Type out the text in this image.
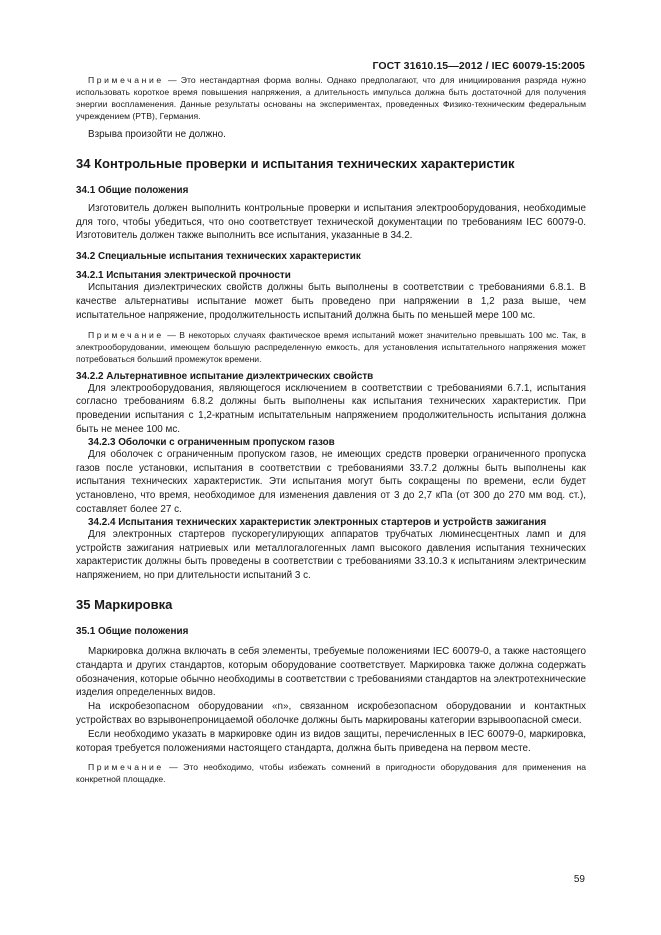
ГОСТ 31610.15—2012 / IEC 60079-15:2005

Примечание — Это нестандартная форма волны. Однако предполагают, что для инициирования разряда нужно использовать короткое время повышения напряжения, а длительность импульса должна быть достаточной для получения энергии воспламенения. Данные результаты основаны на экспериментах, проведенных Физико-техническим федеральным учреждением (PTB), Германия.

Взрыва произойти не должно.

34 Контрольные проверки и испытания технических характеристик
34.1 Общие положения

Изготовитель должен выполнить контрольные проверки и испытания электрооборудования, необходимые для того, чтобы убедиться, что оно соответствует технической документации по требованиям IEC 60079-0. Изготовитель должен также выполнить все испытания, указанные в 34.2.

34.2 Специальные испытания технических характеристик
34.2.1 Испытания электрической прочности

Испытания диэлектрических свойств должны быть выполнены в соответствии с требованиями 6.8.1. В качестве альтернативы испытание может быть проведено при напряжении в 1,2 раза выше, чем испытательное напряжение, продолжительность испытаний должна быть по меньшей мере 100 мс.

Примечание — В некоторых случаях фактическое время испытаний может значительно превышать 100 мс. Так, в электрооборудовании, имеющем большую распределенную емкость, для установления испытательного напряжения может потребоваться больший промежуток времени.

34.2.2 Альтернативное испытание диэлектрических свойств

Для электрооборудования, являющегося исключением в соответствии с требованиями 6.7.1, испытания согласно требованиям 6.8.2 должны быть выполнены как испытания технических характеристик. При проведении испытания с 1,2-кратным испытательным напряжением продолжительность испытания должна быть не менее 100 мс.

34.2.3 Оболочки с ограниченным пропуском газов

Для оболочек с ограниченным пропуском газов, не имеющих средств проверки ограниченного пропуска газов после установки, испытания в соответствии с требованиями 33.7.2 должны быть выполнены как испытания технических характеристик. Эти испытания могут быть сокращены по времени, если будет установлено, что время, необходимое для изменения давления от 3 до 2,7 кПа (от 300 до 270 мм вод. ст.), составляет более 27 с.

34.2.4 Испытания технических характеристик электронных стартеров и устройств зажигания

Для электронных стартеров пускорегулирующих аппаратов трубчатых люминесцентных ламп и для устройств зажигания натриевых или металлогалогенных ламп высокого давления испытания технических характеристик должны быть проведены в соответствии с требованиями 33.10.3 к испытаниям электрическим напряжением, но при длительности испытаний 3 с.

35 Маркировка
35.1 Общие положения

Маркировка должна включать в себя элементы, требуемые положениями IEC 60079-0, а также настоящего стандарта и других стандартов, которым оборудование соответствует. Маркировка также должна содержать обозначения, которые обычно необходимы в соответствии с требованиями стандартов на электротехнические изделия определенных видов.

На искробезопасном оборудовании «n», связанном искробезопасном оборудовании и контактных устройствах во взрывонепроницаемой оболочке должны быть маркированы категории взрывоопасной смеси.

Если необходимо указать в маркировке один из видов защиты, перечисленных в IEC 60079-0, маркировка, которая требуется положениями настоящего стандарта, должна быть приведена на первом месте.

Примечание — Это необходимо, чтобы избежать сомнений в пригодности оборудования для применения на конкретной площадке.

59
